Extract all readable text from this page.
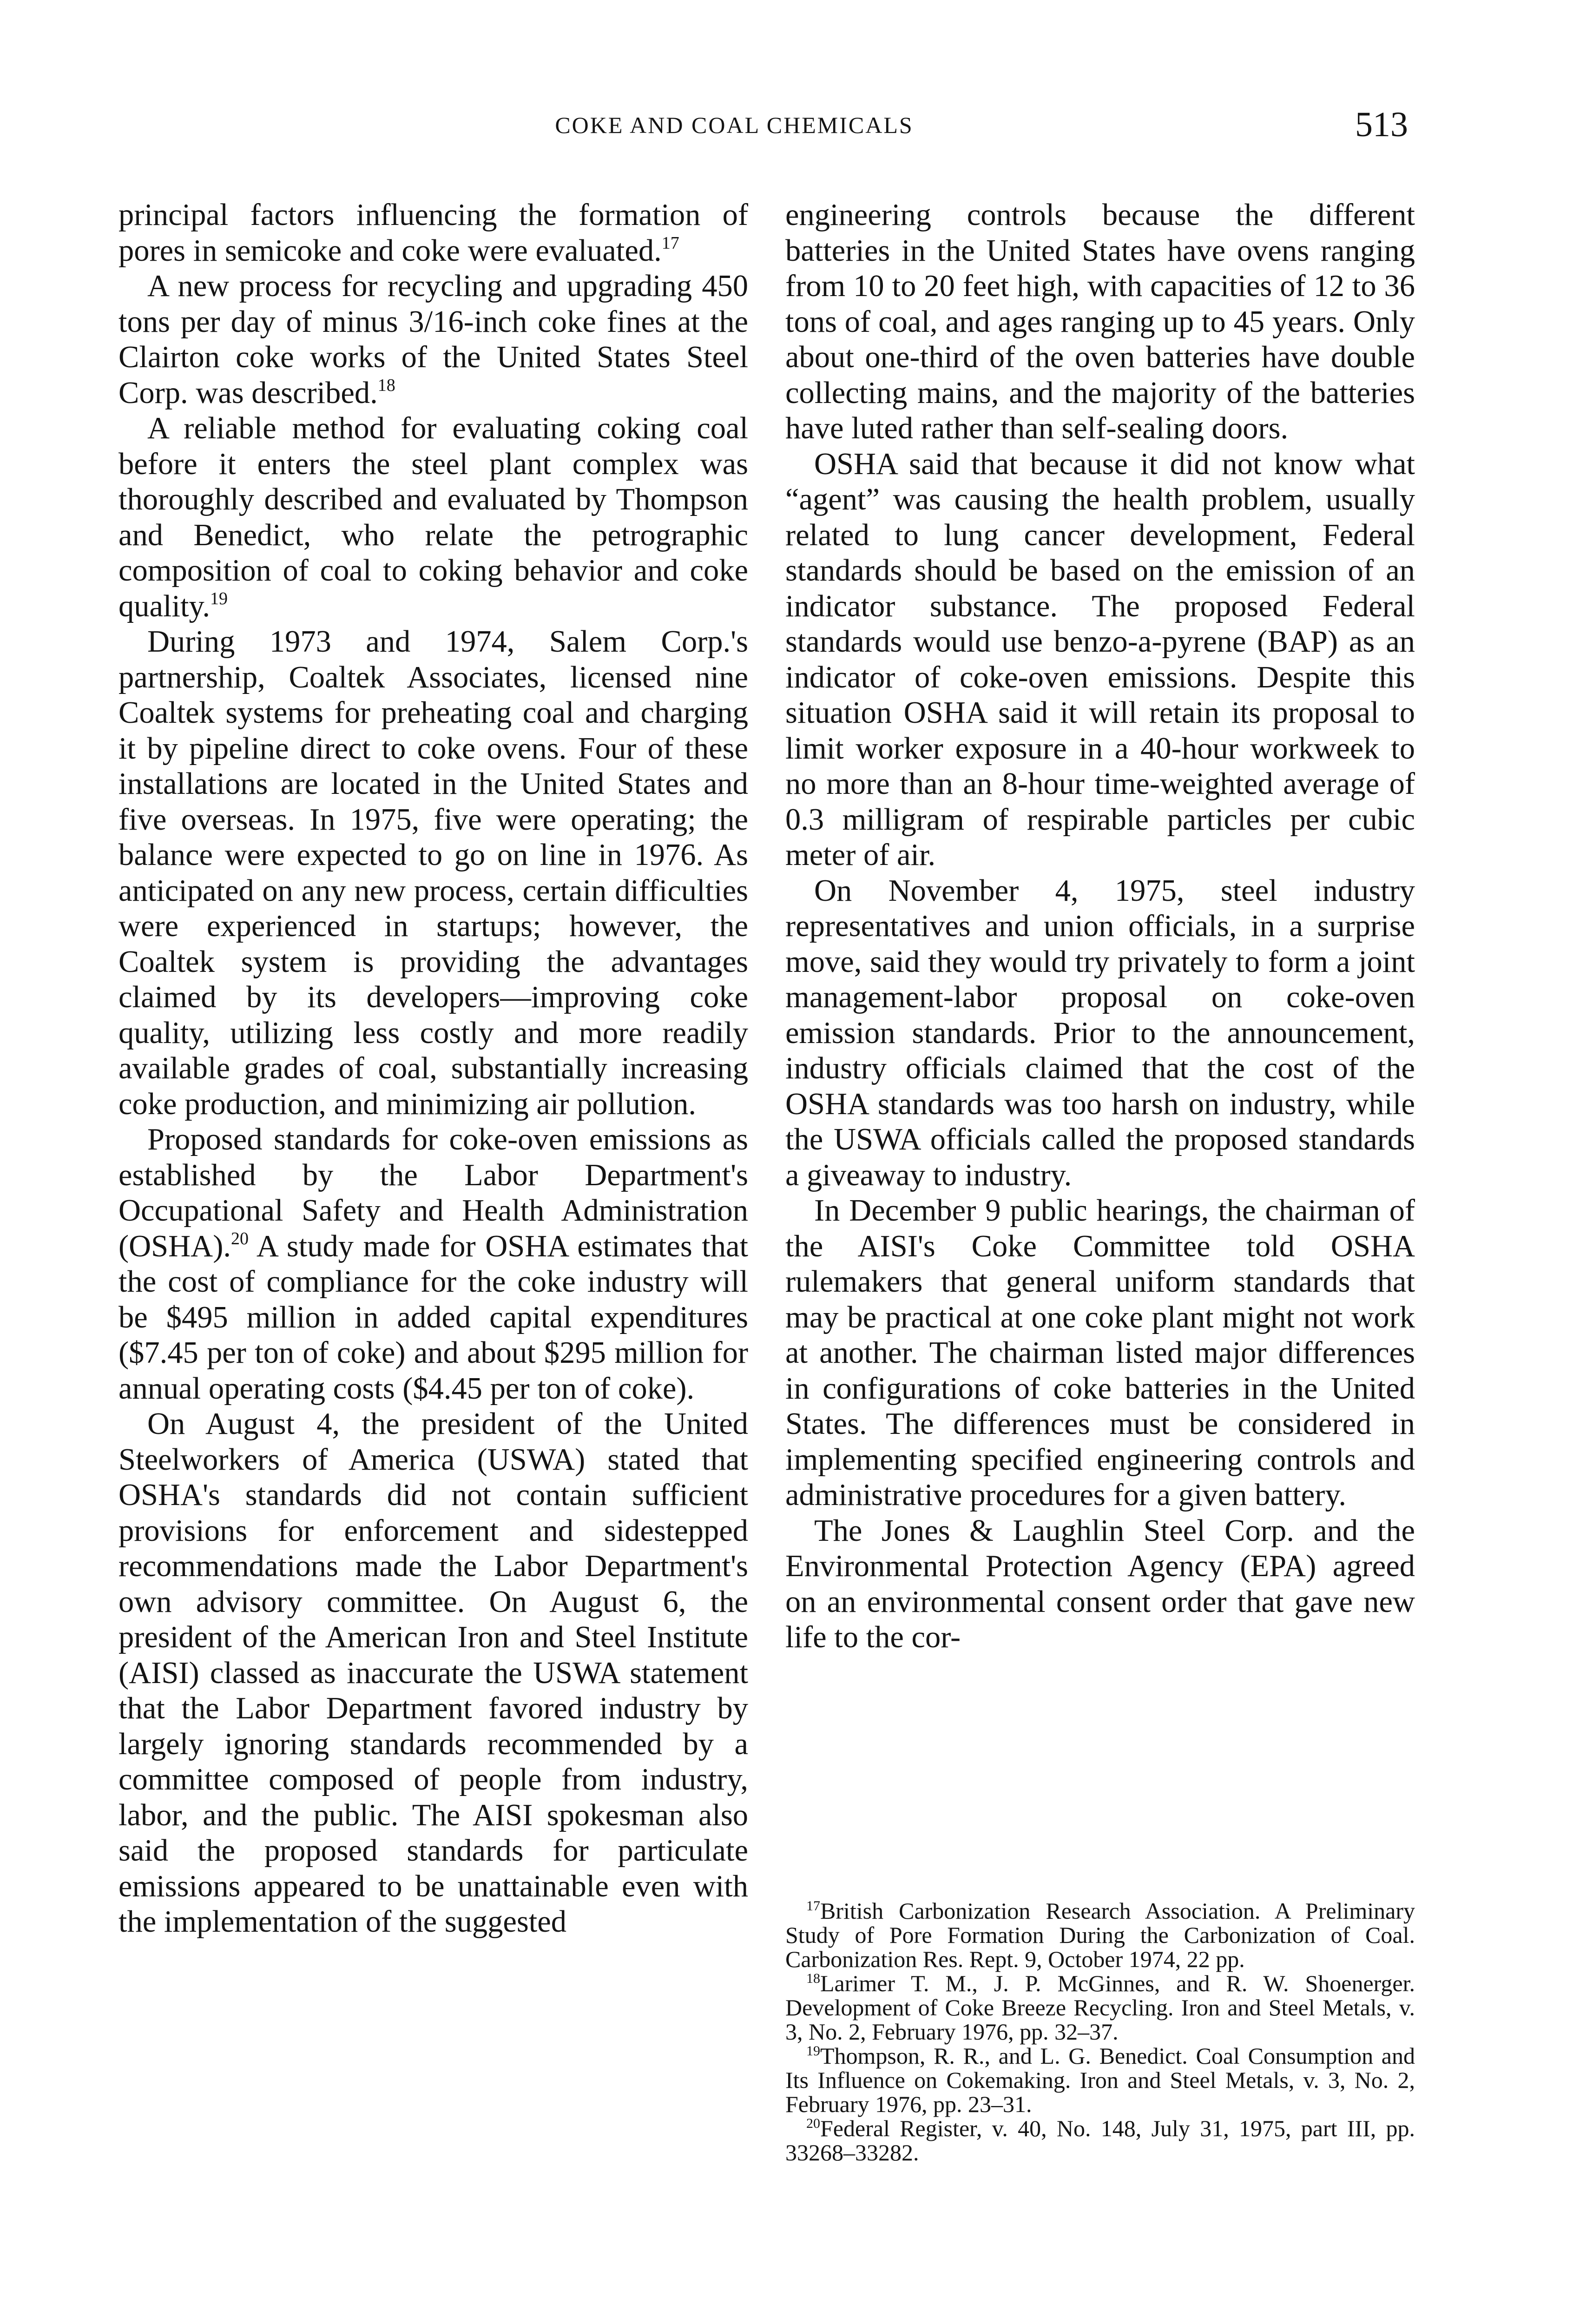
COKE AND COAL CHEMICALS	513

principal factors influencing the formation of pores in semicoke and coke were evaluated.$^{17}$

A new process for recycling and upgrading 450 tons per day of minus 3/16-inch coke fines at the Clairton coke works of the United States Steel Corp. was described.$^{18}$

A reliable method for evaluating coking coal before it enters the steel plant complex was thoroughly described and evaluated by Thompson and Benedict, who relate the petrographic composition of coal to coking behavior and coke quality.$^{19}$

During 1973 and 1974, Salem Corp.'s partnership, Coaltek Associates, licensed nine Coaltek systems for preheating coal and charging it by pipeline direct to coke ovens. Four of these installations are located in the United States and five overseas. In 1975, five were operating; the balance were expected to go on line in 1976. As anticipated on any new process, certain difficulties were experienced in startups; however, the Coaltek system is providing the advantages claimed by its developers—improving coke quality, utilizing less costly and more readily available grades of coal, substantially increasing coke production, and minimizing air pollution.

Proposed standards for coke-oven emissions as established by the Labor Department's Occupational Safety and Health Administration (OSHA).$^{20}$ A study made for OSHA estimates that the cost of compliance for the coke industry will be $495 million in added capital expenditures ($7.45 per ton of coke) and about $295 million for annual operating costs ($4.45 per ton of coke).

On August 4, the president of the United Steelworkers of America (USWA) stated that OSHA's standards did not contain sufficient provisions for enforcement and sidestepped recommendations made the Labor Department's own advisory committee. On August 6, the president of the American Iron and Steel Institute (AISI) classed as inaccurate the USWA statement that the Labor Department favored industry by largely ignoring standards recommended by a committee composed of people from industry, labor, and the public. The AISI spokesman also said the proposed standards for particulate emissions appeared to be unattainable even with the implementation of the suggested

engineering controls because the different batteries in the United States have ovens ranging from 10 to 20 feet high, with capacities of 12 to 36 tons of coal, and ages ranging up to 45 years. Only about one-third of the oven batteries have double collecting mains, and the majority of the batteries have luted rather than self-sealing doors.

OSHA said that because it did not know what “agent” was causing the health problem, usually related to lung cancer development, Federal standards should be based on the emission of an indicator substance. The proposed Federal standards would use benzo-a-pyrene (BAP) as an indicator of coke-oven emissions. Despite this situation OSHA said it will retain its proposal to limit worker exposure in a 40-hour workweek to no more than an 8-hour time-weighted average of 0.3 milligram of respirable particles per cubic meter of air.

On November 4, 1975, steel industry representatives and union officials, in a surprise move, said they would try privately to form a joint management-labor proposal on coke-oven emission standards. Prior to the announcement, industry officials claimed that the cost of the OSHA standards was too harsh on industry, while the USWA officials called the proposed standards a giveaway to industry.

In December 9 public hearings, the chairman of the AISI's Coke Committee told OSHA rulemakers that general uniform standards that may be practical at one coke plant might not work at another. The chairman listed major differences in configurations of coke batteries in the United States. The differences must be considered in implementing specified engineering controls and administrative procedures for a given battery.

The Jones & Laughlin Steel Corp. and the Environmental Protection Agency (EPA) agreed on an environmental consent order that gave new life to the cor-

$^{17}$British Carbonization Research Association. A Preliminary Study of Pore Formation During the Carbonization of Coal. Carbonization Res. Rept. 9, October 1974, 22 pp.

$^{18}$Larimer T. M., J. P. McGinnes, and R. W. Shoenerger. Development of Coke Breeze Recycling. Iron and Steel Metals, v. 3, No. 2, February 1976, pp. 32–37.

$^{19}$Thompson, R. R., and L. G. Benedict. Coal Consumption and Its Influence on Cokemaking. Iron and Steel Metals, v. 3, No. 2, February 1976, pp. 23–31.

$^{20}$Federal Register, v. 40, No. 148, July 31, 1975, part III, pp. 33268–33282.
